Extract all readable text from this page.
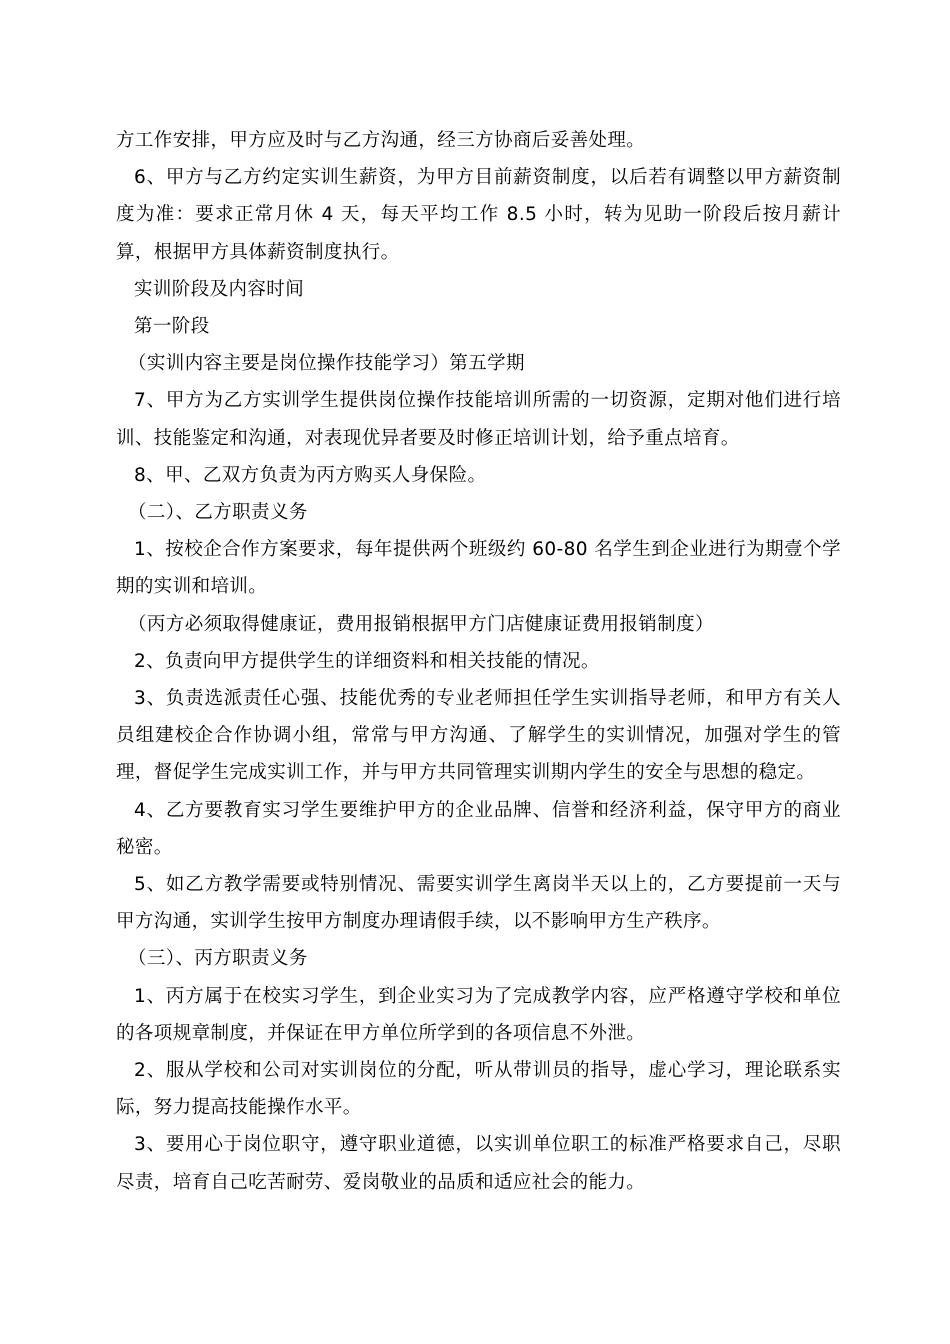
方工作安排，甲方应及时与乙方沟通，经三方协商后妥善处理。

6、甲方与乙方约定实训生薪资，为甲方目前薪资制度，以后若有调整以甲方薪资制度为准：要求正常月休 4 天，每天平均工作 8.5 小时，转为见助一阶段后按月薪计算，根据甲方具体薪资制度执行。

实训阶段及内容时间

第一阶段

（实训内容主要是岗位操作技能学习）第五学期

7、甲方为乙方实训学生提供岗位操作技能培训所需的一切资源，定期对他们进行培训、技能鉴定和沟通，对表现优异者要及时修正培训计划，给予重点培育。

8、甲、乙双方负责为丙方购买人身保险。

（二）、乙方职责义务

1、按校企合作方案要求，每年提供两个班级约 60-80 名学生到企业进行为期壹个学期的实训和培训。

（丙方必须取得健康证，费用报销根据甲方门店健康证费用报销制度）

2、负责向甲方提供学生的详细资料和相关技能的情况。

3、负责选派责任心强、技能优秀的专业老师担任学生实训指导老师，和甲方有关人员组建校企合作协调小组，常常与甲方沟通、了解学生的实训情况，加强对学生的管理，督促学生完成实训工作，并与甲方共同管理实训期内学生的安全与思想的稳定。

4、乙方要教育实习学生要维护甲方的企业品牌、信誉和经济利益，保守甲方的商业秘密。

5、如乙方教学需要或特别情况、需要实训学生离岗半天以上的，乙方要提前一天与甲方沟通，实训学生按甲方制度办理请假手续，以不影响甲方生产秩序。

（三）、丙方职责义务

1、丙方属于在校实习学生，到企业实习为了完成教学内容，应严格遵守学校和单位的各项规章制度，并保证在甲方单位所学到的各项信息不外泄。

2、服从学校和公司对实训岗位的分配，听从带训员的指导，虚心学习，理论联系实际，努力提高技能操作水平。

3、要用心于岗位职守，遵守职业道德，以实训单位职工的标准严格要求自己，尽职尽责，培育自己吃苦耐劳、爱岗敬业的品质和适应社会的能力。
